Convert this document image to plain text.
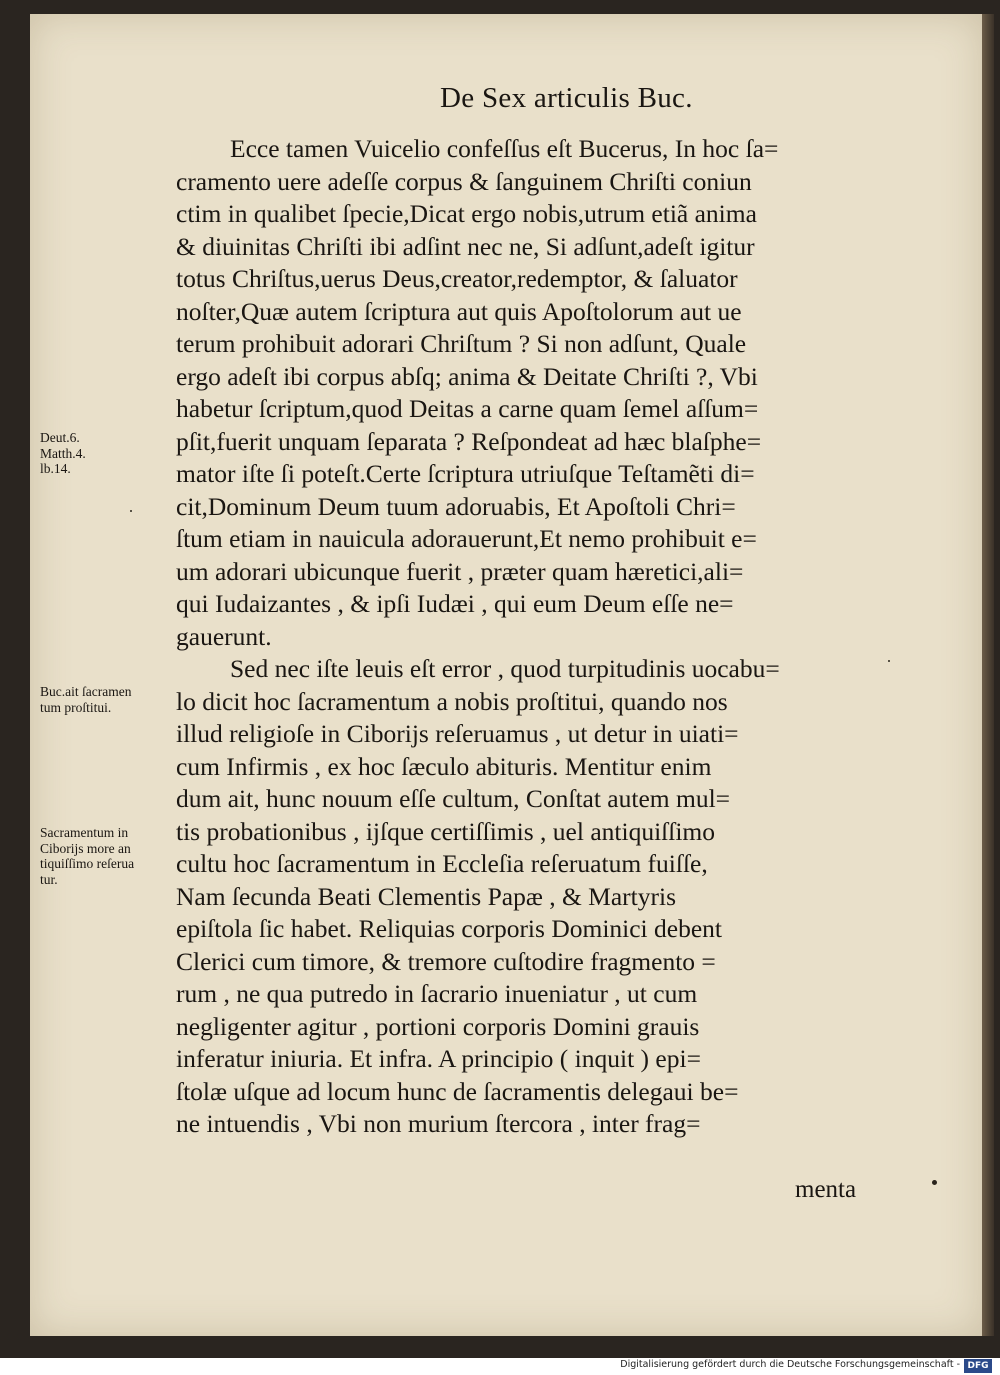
De Sex articulis Buc.
Ecce tamen Vuicelio confeſſus eſt Bucerus, In hoc ſa=
cramento uere adeſſe corpus & ſanguinem Chriſti coniun
ctim in qualibet ſpecie,Dicat ergo nobis,utrum etiã anima
& diuinitas Chriſti ibi adſint nec ne, Si adſunt,adeſt igitur
totus Chriſtus,uerus Deus,creator,redemptor, & ſaluator
noſter,Quæ autem ſcriptura aut quis Apoſtolorum aut ue
terum prohibuit adorari Chriſtum ? Si non adſunt, Quale
ergo adeſt ibi corpus abſq; anima & Deitate Chriſti ?, Vbi
habetur ſcriptum,quod Deitas a carne quam ſemel aſſum=
pſit,fuerit unquam ſeparata ? Reſpondeat ad hæc blaſphe=
mator iſte ſi poteſt.Certe ſcriptura utriuſque Teſtamẽti di=
cit,Dominum Deum tuum adoruabis, Et Apoſtoli Chri=
ſtum etiam in nauicula adorauerunt,Et nemo prohibuit e=
um adorari ubicunque fuerit , præter quam hæretici,ali=
qui Iudaizantes , & ipſi Iudæi , qui eum Deum eſſe ne=
gauerunt.
Sed nec iſte leuis eſt error , quod turpitudinis uocabu=
lo dicit hoc ſacramentum a nobis proſtitui, quando nos
illud religioſe in Ciborijs reſeruamus , ut detur in uiati=
cum Infirmis , ex hoc ſæculo abituris. Mentitur enim
dum ait, hunc nouum eſſe cultum, Conſtat autem mul=
tis probationibus , ijſque certiſſimis , uel antiquiſſimo
cultu hoc ſacramentum in Eccleſia reſeruatum fuiſſe,
Nam ſecunda Beati Clementis Papæ , & Martyris
epiſtola ſic habet. Reliquias corporis Dominici debent
Clerici cum timore, & tremore cuſtodire fragmento =
rum , ne qua putredo in ſacrario inueniatur , ut cum
negligenter agitur , portioni corporis Domini grauis
inferatur iniuria. Et infra. A principio ( inquit ) epi=
ſtolæ uſque ad locum hunc de ſacramentis delegaui be=
ne intuendis , Vbi non murium ſtercora , inter frag=
menta
Deut.6.
Matth.4.
lb.14.
Buc.ait ſacramen
tum proſtitui.
Sacramentum in
Ciborijs more an
tiquiſſimo reſerua
tur.
Digitalisierung gefördert durch die Deutsche Forschungsgemeinschaft - DFG
